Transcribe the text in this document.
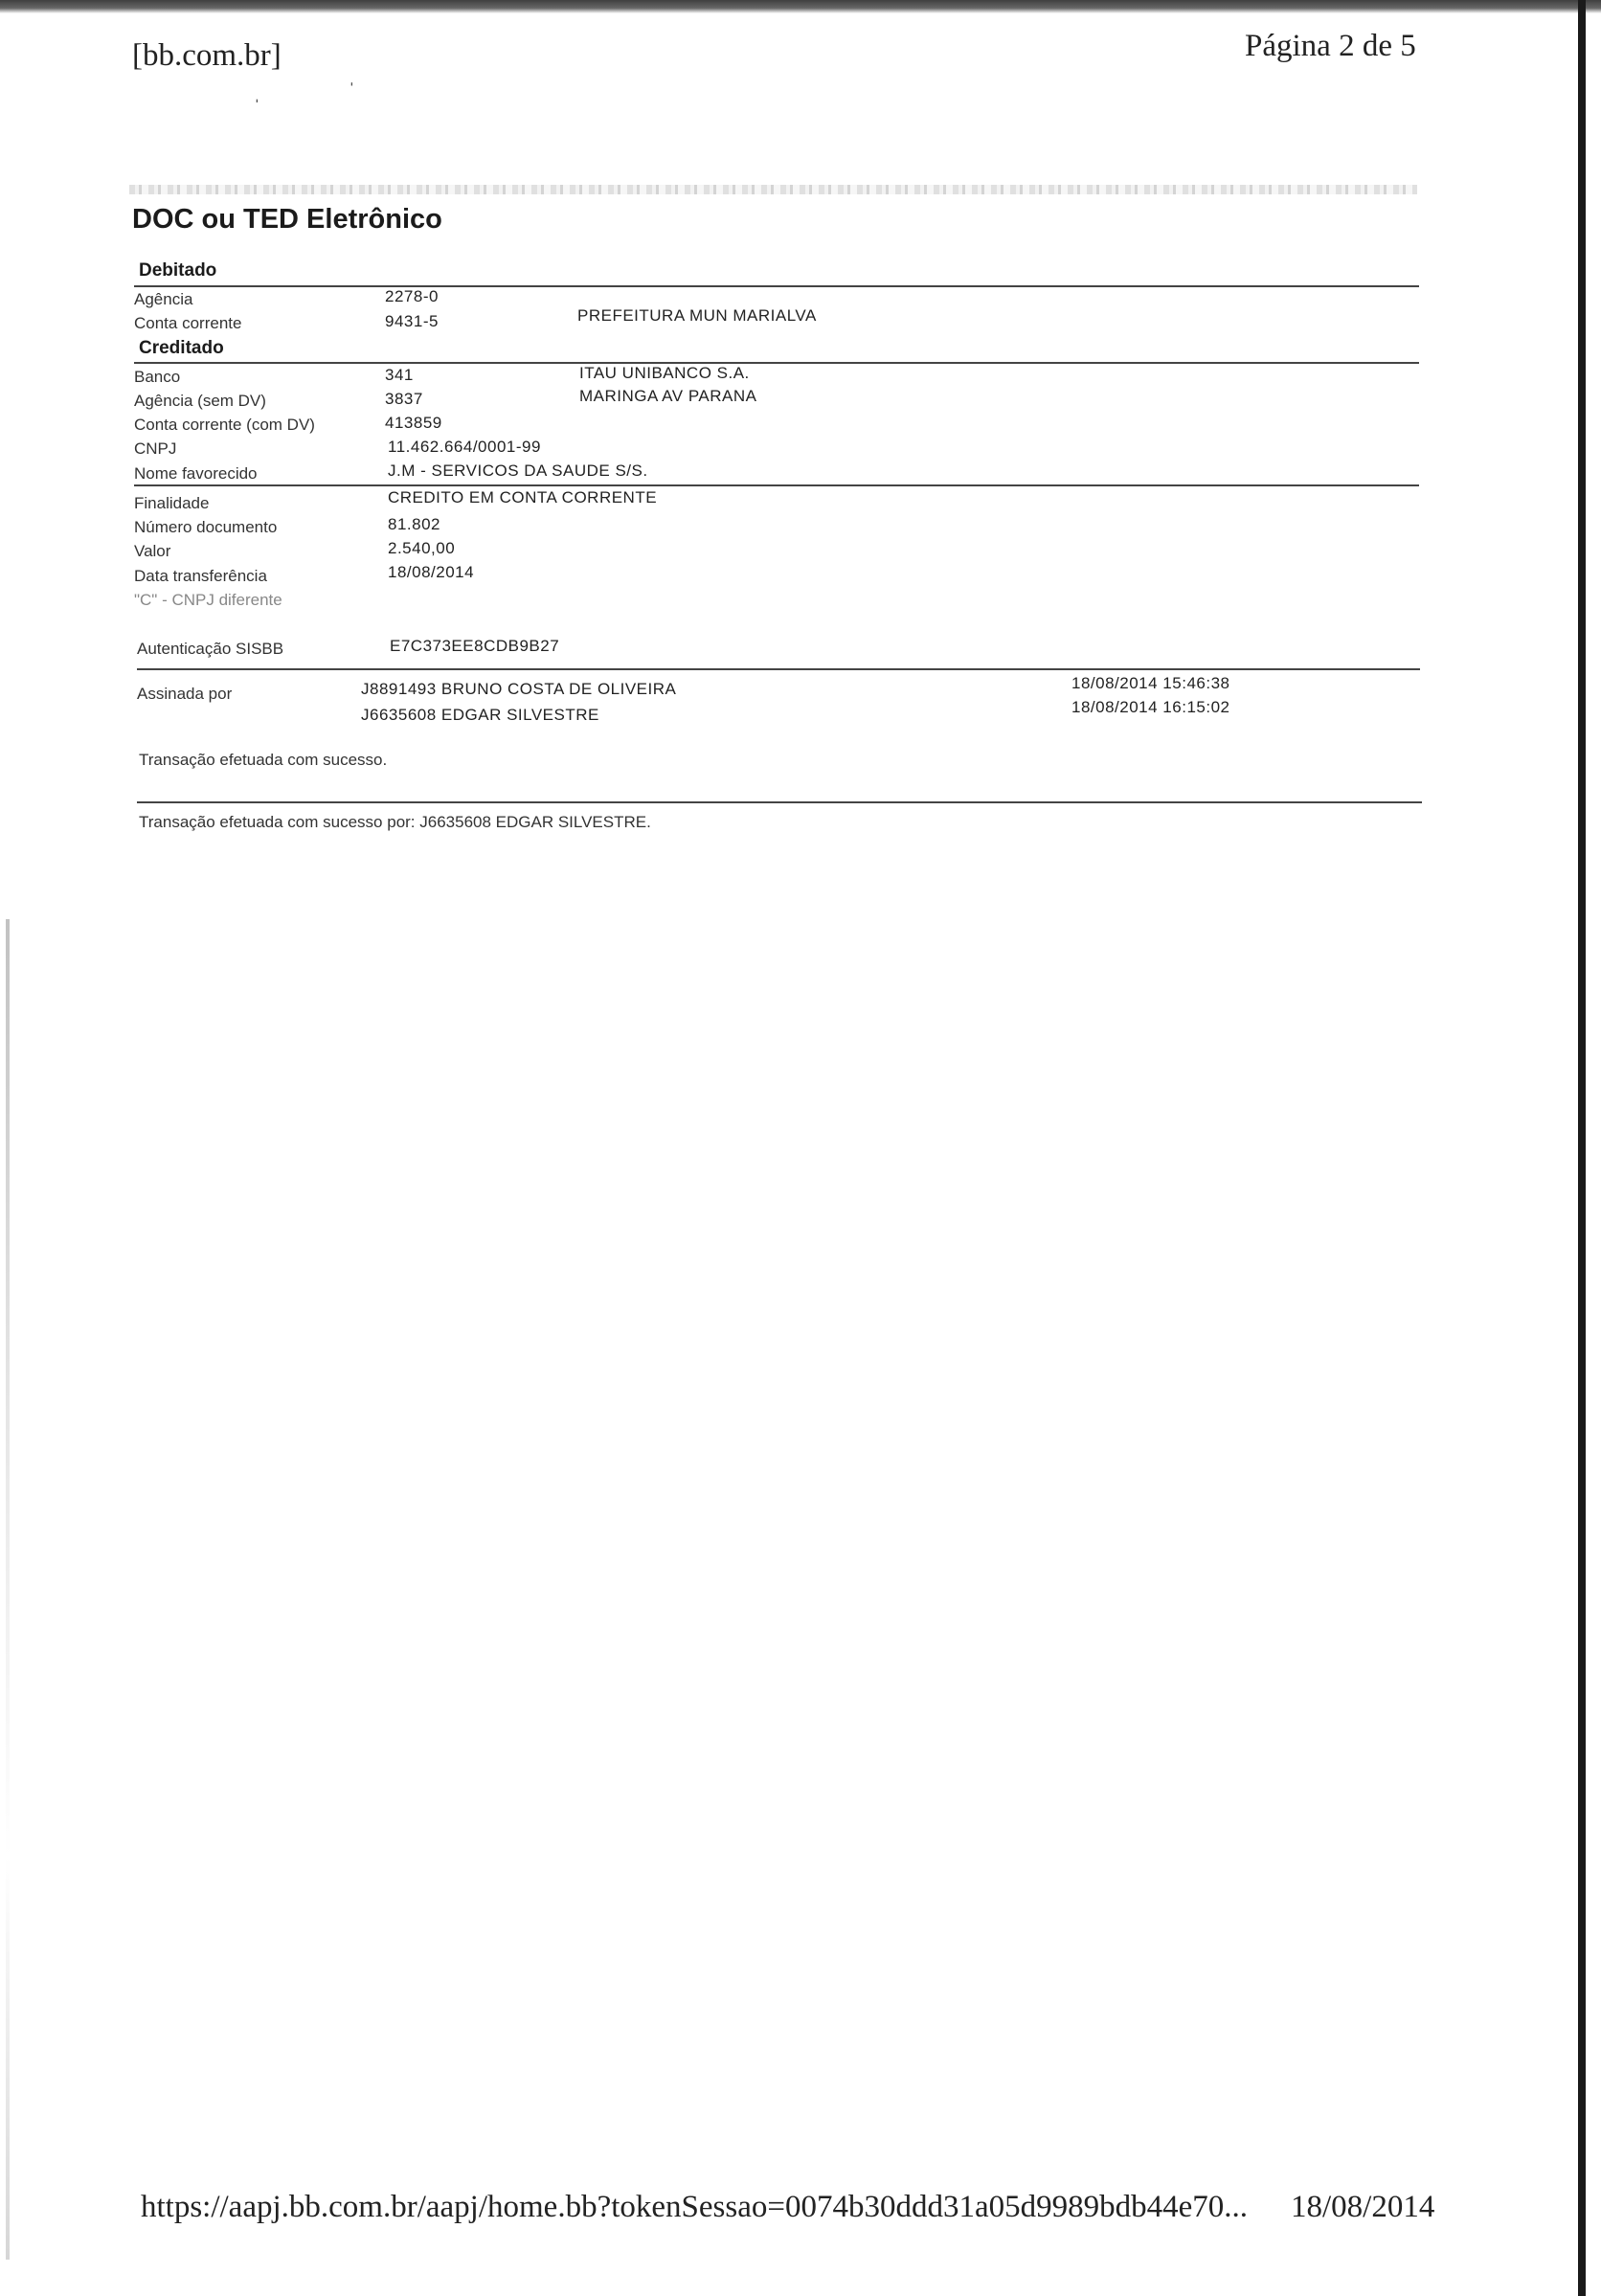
[bb.com.br]	Página 2 de 5
ˌ	ˈ
DOC ou TED Eletrônico
Debitado
Agência	2278-0
Conta corrente	9431-5	PREFEITURA MUN MARIALVA
Creditado
Banco	341	ITAU UNIBANCO S.A.
Agência (sem DV)	3837	MARINGA AV PARANA
Conta corrente (com DV)	413859
CNPJ	11.462.664/0001-99
Nome favorecido	J.M - SERVICOS DA SAUDE S/S.
Finalidade	CREDITO EM CONTA CORRENTE
Número documento	81.802
Valor	2.540,00
Data transferência	18/08/2014
"C" - CNPJ diferente
Autenticação SISBB	E7C373EE8CDB9B27
Assinada por	J8891493 BRUNO COSTA DE OLIVEIRA	18/08/2014 15:46:38
J6635608 EDGAR SILVESTRE	18/08/2014 16:15:02
Transação efetuada com sucesso.
Transação efetuada com sucesso por: J6635608 EDGAR SILVESTRE.
https://aapj.bb.com.br/aapj/home.bb?tokenSessao=0074b30ddd31a05d9989bdb44e70... 18/08/2014
